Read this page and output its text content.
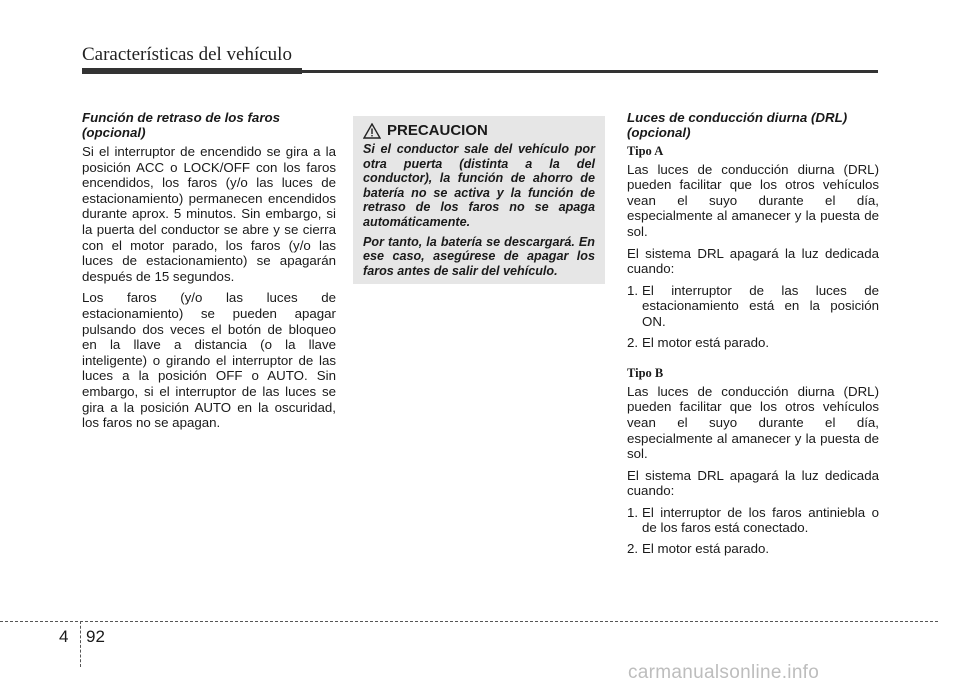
Características del vehículo
Función de retraso de los faros (opcional)

Si el interruptor de encendido se gira a la posición ACC o LOCK/OFF con los faros encendidos, los faros (y/o las luces de estacionamiento) permanecen encendidos durante aprox. 5 minutos. Sin embargo, si la puerta del conductor se abre y se cierra con el motor parado, los faros (y/o las luces de estacionamiento) se apagarán después de 15 segundos.

Los faros (y/o las luces de estacionamiento) se pueden apagar pulsando dos veces el botón de bloqueo en la llave a distancia (o la llave inteligente) o girando el interruptor de las luces a la posición OFF o AUTO. Sin embargo, si el interruptor de las luces se gira a la posición AUTO en la oscuridad, los faros no se apagan.

PRECAUCION

Si el conductor sale del vehículo por otra puerta (distinta a la del conductor), la función de ahorro de batería no se activa y la función de retraso de los faros no se apaga automáticamente.

Por tanto, la batería se descargará. En ese caso, asegúrese de apagar los faros antes de salir del vehículo.

Luces de conducción diurna (DRL) (opcional)
Tipo A

Las luces de conducción diurna (DRL) pueden facilitar que los otros vehículos vean el suyo durante el día, especialmente al amanecer y la puesta de sol.

El sistema DRL apagará la luz dedicada cuando:

1. El interruptor de las luces de estacionamiento está en la posición ON.
2. El motor está parado.
Tipo B

Las luces de conducción diurna (DRL) pueden facilitar que los otros vehículos vean el suyo durante el día, especialmente al amanecer y la puesta de sol.

El sistema DRL apagará la luz dedicada cuando:

1. El interruptor de los faros antiniebla o de los faros está conectado.
2. El motor está parado.
4 92
carmanualsonline.info
